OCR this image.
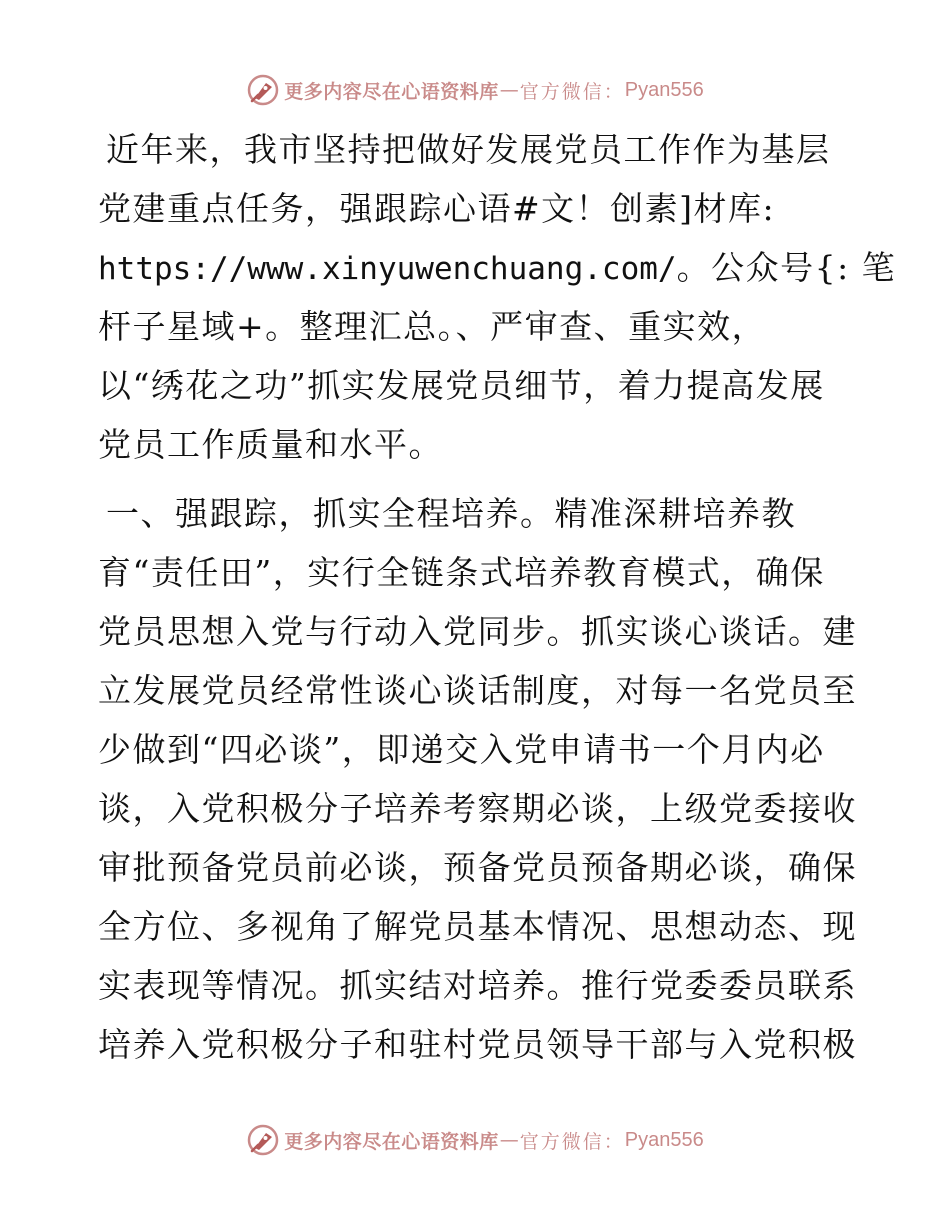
更多内容尽在心语资料库 — 官方微信： Pyan556
近年来，我市坚持把做好发展党员工作作为基层
党建重点任务，强跟踪心语#文！创素]材库:
https://www.xinyuwenchuang.com/。公众号{: 笔
杆子星域+。整理汇总。、严审查、重实效，
以“绣花之功”抓实发展党员细节，着力提高发展
党员工作质量和水平。
一、强跟踪，抓实全程培养。精准深耕培养教
育“责任田”，实行全链条式培养教育模式，确保
党员思想入党与行动入党同步。抓实谈心谈话。建
立发展党员经常性谈心谈话制度，对每一名党员至
少做到“四必谈”，即递交入党申请书一个月内必
谈，入党积极分子培养考察期必谈，上级党委接收
审批预备党员前必谈，预备党员预备期必谈，确保
全方位、多视角了解党员基本情况、思想动态、现
实表现等情况。抓实结对培养。推行党委委员联系
培养入党积极分子和驻村党员领导干部与入党积极
更多内容尽在心语资料库 — 官方微信： Pyan556
